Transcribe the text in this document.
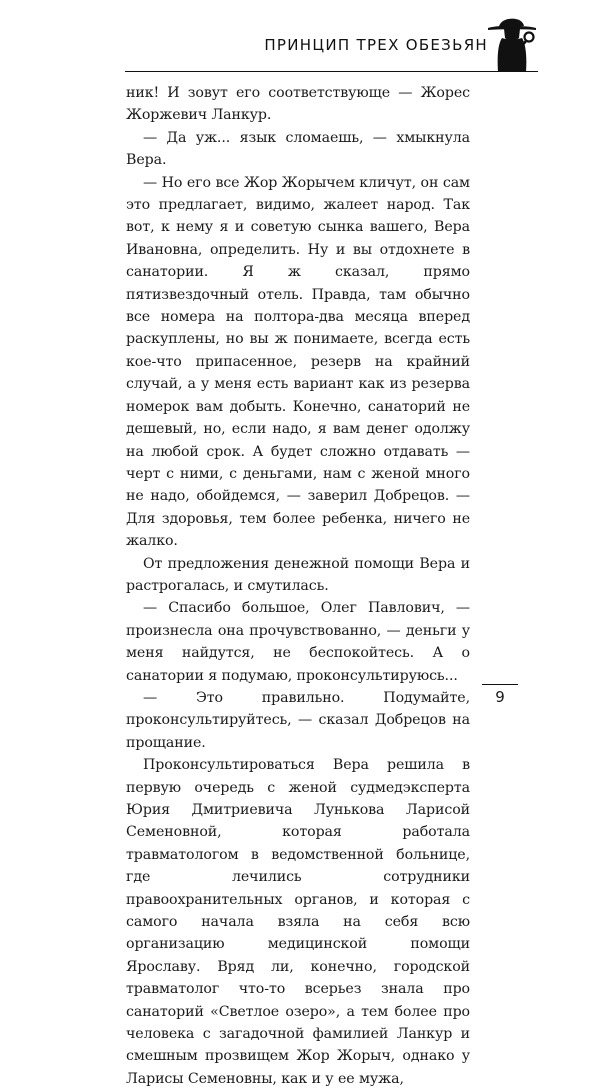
ПРИНЦИП ТРЕХ ОБЕЗЬЯН

ник! И зовут его соответствующе — Жорес Жоржевич Ланкур.

— Да уж... язык сломаешь, — хмыкнула Вера.

— Но его все Жор Жорычем кличут, он сам это предлагает, видимо, жалеет народ. Так вот, к нему я и советую сынка вашего, Вера Ивановна, определить. Ну и вы отдохнете в санатории. Я ж сказал, прямо пятизвездочный отель. Правда, там обычно все номера на полтора-два месяца вперед раскуплены, но вы ж понимаете, всегда есть кое-что припасенное, резерв на крайний случай, а у меня есть вариант как из резерва номерок вам добыть. Конечно, санаторий не дешевый, но, если надо, я вам денег одолжу на любой срок. А будет сложно отдавать — черт с ними, с деньгами, нам с женой много не надо, обойдемся, — заверил Добрецов. — Для здоровья, тем более ребенка, ничего не жалко.

От предложения денежной помощи Вера и растрогалась, и смутилась.

— Спасибо большое, Олег Павлович, — произнесла она прочувствованно, — деньги у меня найдутся, не беспокойтесь. А о санатории я подумаю, проконсультируюсь...

— Это правильно. Подумайте, проконсультируйтесь, — сказал Добрецов на прощание.

Проконсультироваться Вера решила в первую очередь с женой судмедэксперта Юрия Дмитриевича Лунькова Ларисой Семеновной, которая работала травматологом в ведомственной больнице, где лечились сотрудники правоохранительных органов, и которая с самого начала взяла на себя всю организацию медицинской помощи Ярославу. Вряд ли, конечно, городской травматолог что-то всерьез знала про санаторий «Светлое озеро», а тем более про человека с загадочной фамилией Ланкур и смешным прозвищем Жор Жорыч, однако у Ларисы Семеновны, как и у ее мужа,

9
